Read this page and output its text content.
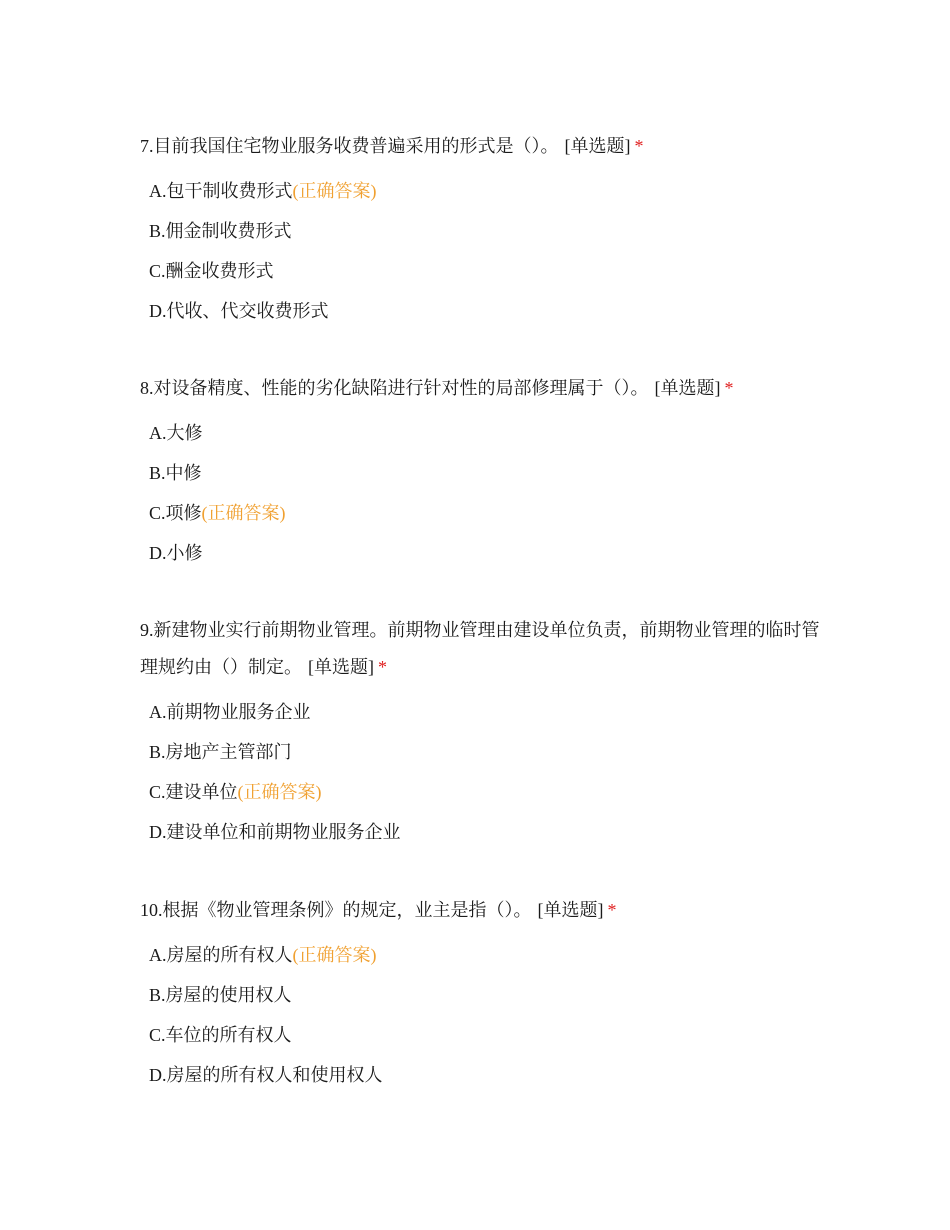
7.目前我国住宅物业服务收费普遍采用的形式是（）。 [单选题] *

A.包干制收费形式(正确答案)
B.佣金制收费形式
C.酬金收费形式
D.代收、代交收费形式

8.对设备精度、性能的劣化缺陷进行针对性的局部修理属于（）。 [单选题] *

A.大修
B.中修
C.项修(正确答案)
D.小修

9.新建物业实行前期物业管理。前期物业管理由建设单位负责，前期物业管理的临时管理规约由（）制定。 [单选题] *

A.前期物业服务企业
B.房地产主管部门
C.建设单位(正确答案)
D.建设单位和前期物业服务企业

10.根据《物业管理条例》的规定，业主是指（）。 [单选题] *

A.房屋的所有权人(正确答案)
B.房屋的使用权人
C.车位的所有权人
D.房屋的所有权人和使用权人
